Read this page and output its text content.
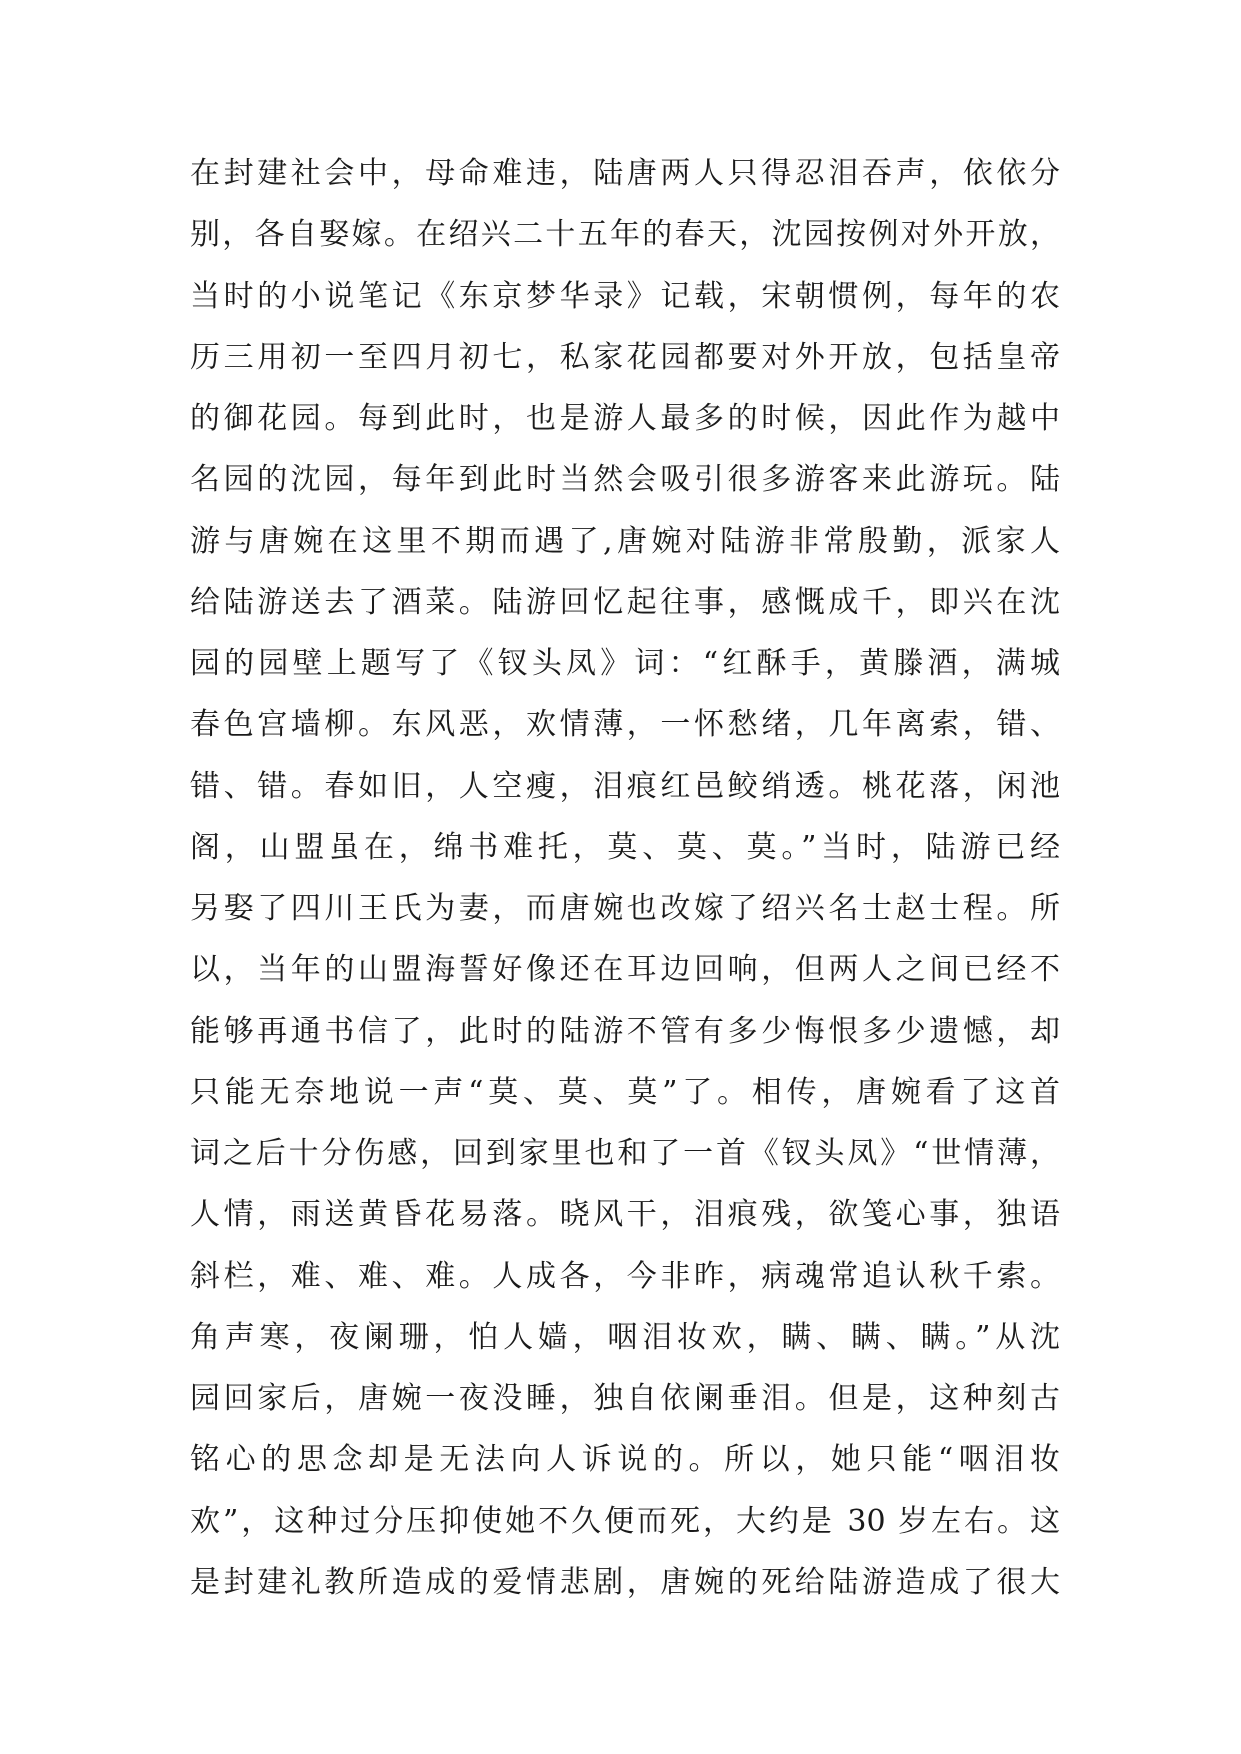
在封建社会中，母命难违，陆唐两人只得忍泪吞声，依依分
别，各自娶嫁。在绍兴二十五年的春天，沈园按例对外开放，
当时的小说笔记《东京梦华录》记载，宋朝惯例，每年的农
历三用初一至四月初七，私家花园都要对外开放，包括皇帝
的御花园。每到此时，也是游人最多的时候，因此作为越中
名园的沈园，每年到此时当然会吸引很多游客来此游玩。陆
游与唐婉在这里不期而遇了,唐婉对陆游非常殷勤，派家人
给陆游送去了酒菜。陆游回忆起往事，感慨成千，即兴在沈
园的园壁上题写了《钗头凤》词：“红酥手，黄滕酒，满城
春色宫墙柳。东风恶，欢情薄，一怀愁绪，几年离索，错、
错、错。春如旧，人空瘦，泪痕红邑鲛绡透。桃花落，闲池
阁，山盟虽在，绵书难托，莫、莫、莫。”当时，陆游已经
另娶了四川王氏为妻，而唐婉也改嫁了绍兴名士赵士程。所
以，当年的山盟海誓好像还在耳边回响，但两人之间已经不
能够再通书信了，此时的陆游不管有多少悔恨多少遗憾，却
只能无奈地说一声“莫、莫、莫”了。相传，唐婉看了这首
词之后十分伤感，回到家里也和了一首《钗头凤》“世情薄，
人情，雨送黄昏花易落。晓风干，泪痕残，欲笺心事，独语
斜栏，难、难、难。人成各，今非昨，病魂常追认秋千索。
角声寒，夜阑珊，怕人嫱，咽泪妆欢，瞒、瞒、瞒。”从沈
园回家后，唐婉一夜没睡，独自依阑垂泪。但是，这种刻古
铭心的思念却是无法向人诉说的。所以，她只能“咽泪妆
欢”，这种过分压抑使她不久便而死，大约是 30 岁左右。这
是封建礼教所造成的爱情悲剧，唐婉的死给陆游造成了很大
